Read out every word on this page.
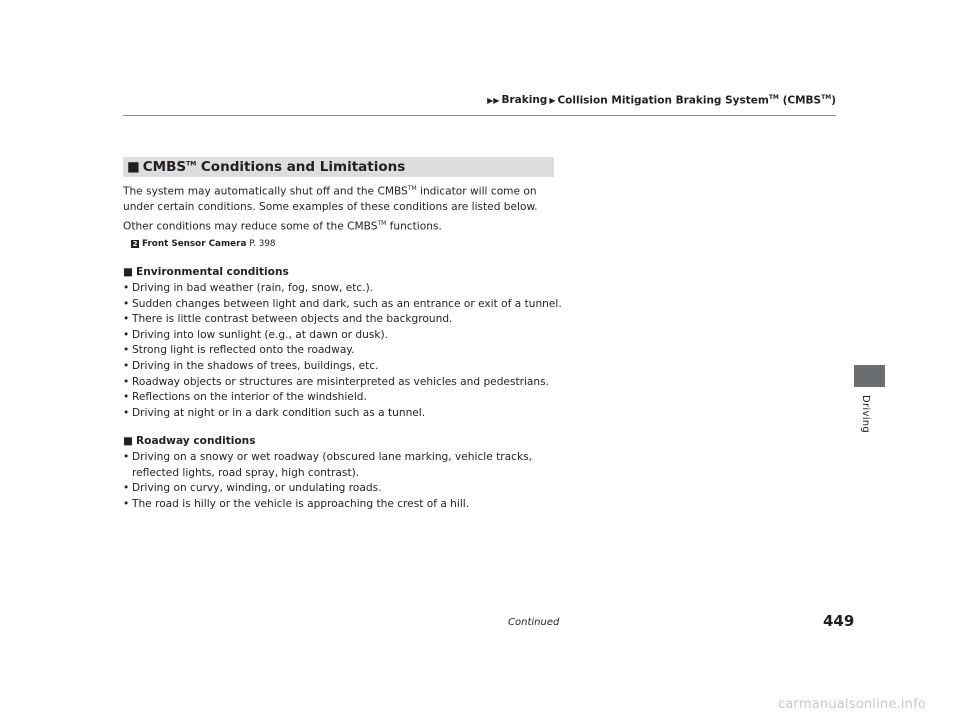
▶▶ Braking ▶ Collision Mitigation Braking System™ (CMBS™)
Driving
■ CMBS™ Conditions and Limitations

The system may automatically shut off and the CMBS™ indicator will come on under certain conditions. Some examples of these conditions are listed below. Other conditions may reduce some of the CMBS™ functions.

2 Front Sensor Camera P. 398
■ Environmental conditions
• Driving in bad weather (rain, fog, snow, etc.).
• Sudden changes between light and dark, such as an entrance or exit of a tunnel.
• There is little contrast between objects and the background.
• Driving into low sunlight (e.g., at dawn or dusk).
• Strong light is reflected onto the roadway.
• Driving in the shadows of trees, buildings, etc.
• Roadway objects or structures are misinterpreted as vehicles and pedestrians.
• Reflections on the interior of the windshield.
• Driving at night or in a dark condition such as a tunnel.
■ Roadway conditions
• Driving on a snowy or wet roadway (obscured lane marking, vehicle tracks, reflected lights, road spray, high contrast).
• Driving on curvy, winding, or undulating roads.
• The road is hilly or the vehicle is approaching the crest of a hill.
Continued	449
carmanualsonline.info
